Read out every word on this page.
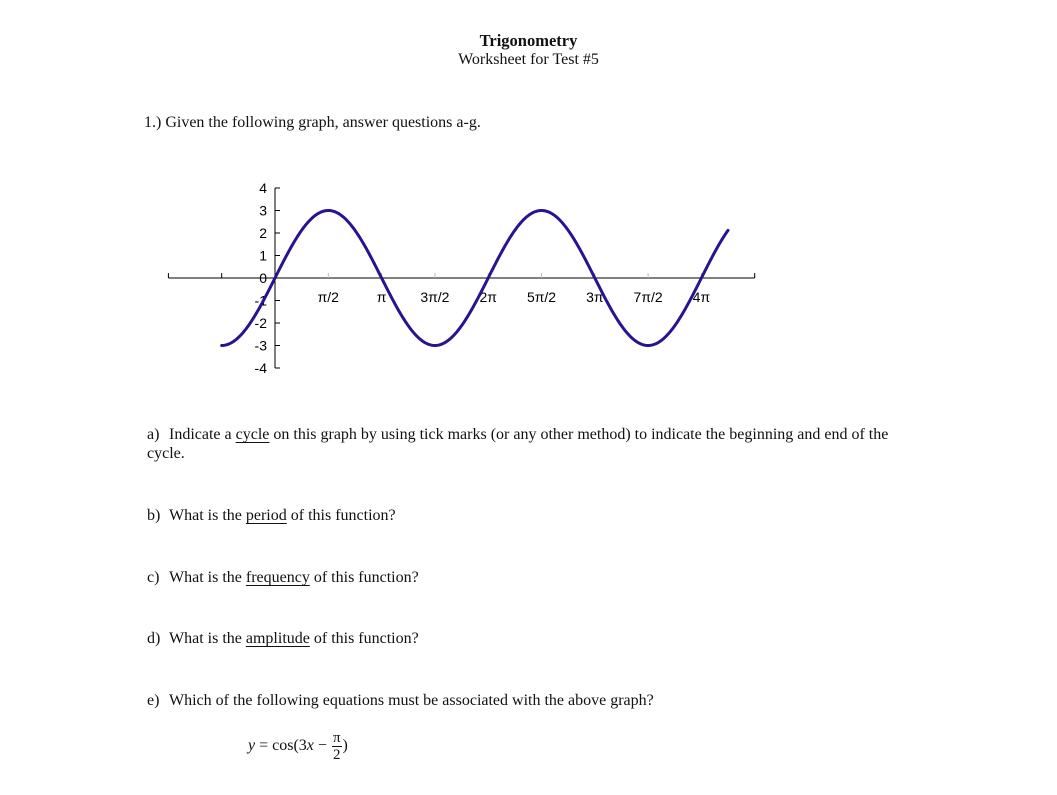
Trigonometry
Worksheet for Test #5
1.) Given the following graph, answer questions a-g.
4
3
2
1
0
-1
-2
-3
-4
π/2	π 3π/2 2π 5π/2 3π 7π/2 4π
a) Indicate a cycle on this graph by using tick marks (or any other method) to indicate the beginning and end of the cycle.
b) What is the period of this function?
c) What is the frequency of this function?
d) What is the amplitude of this function?
e) Which of the following equations must be associated with the above graph?
$y = \cos(3x - \frac{\pi}{2}$ )
